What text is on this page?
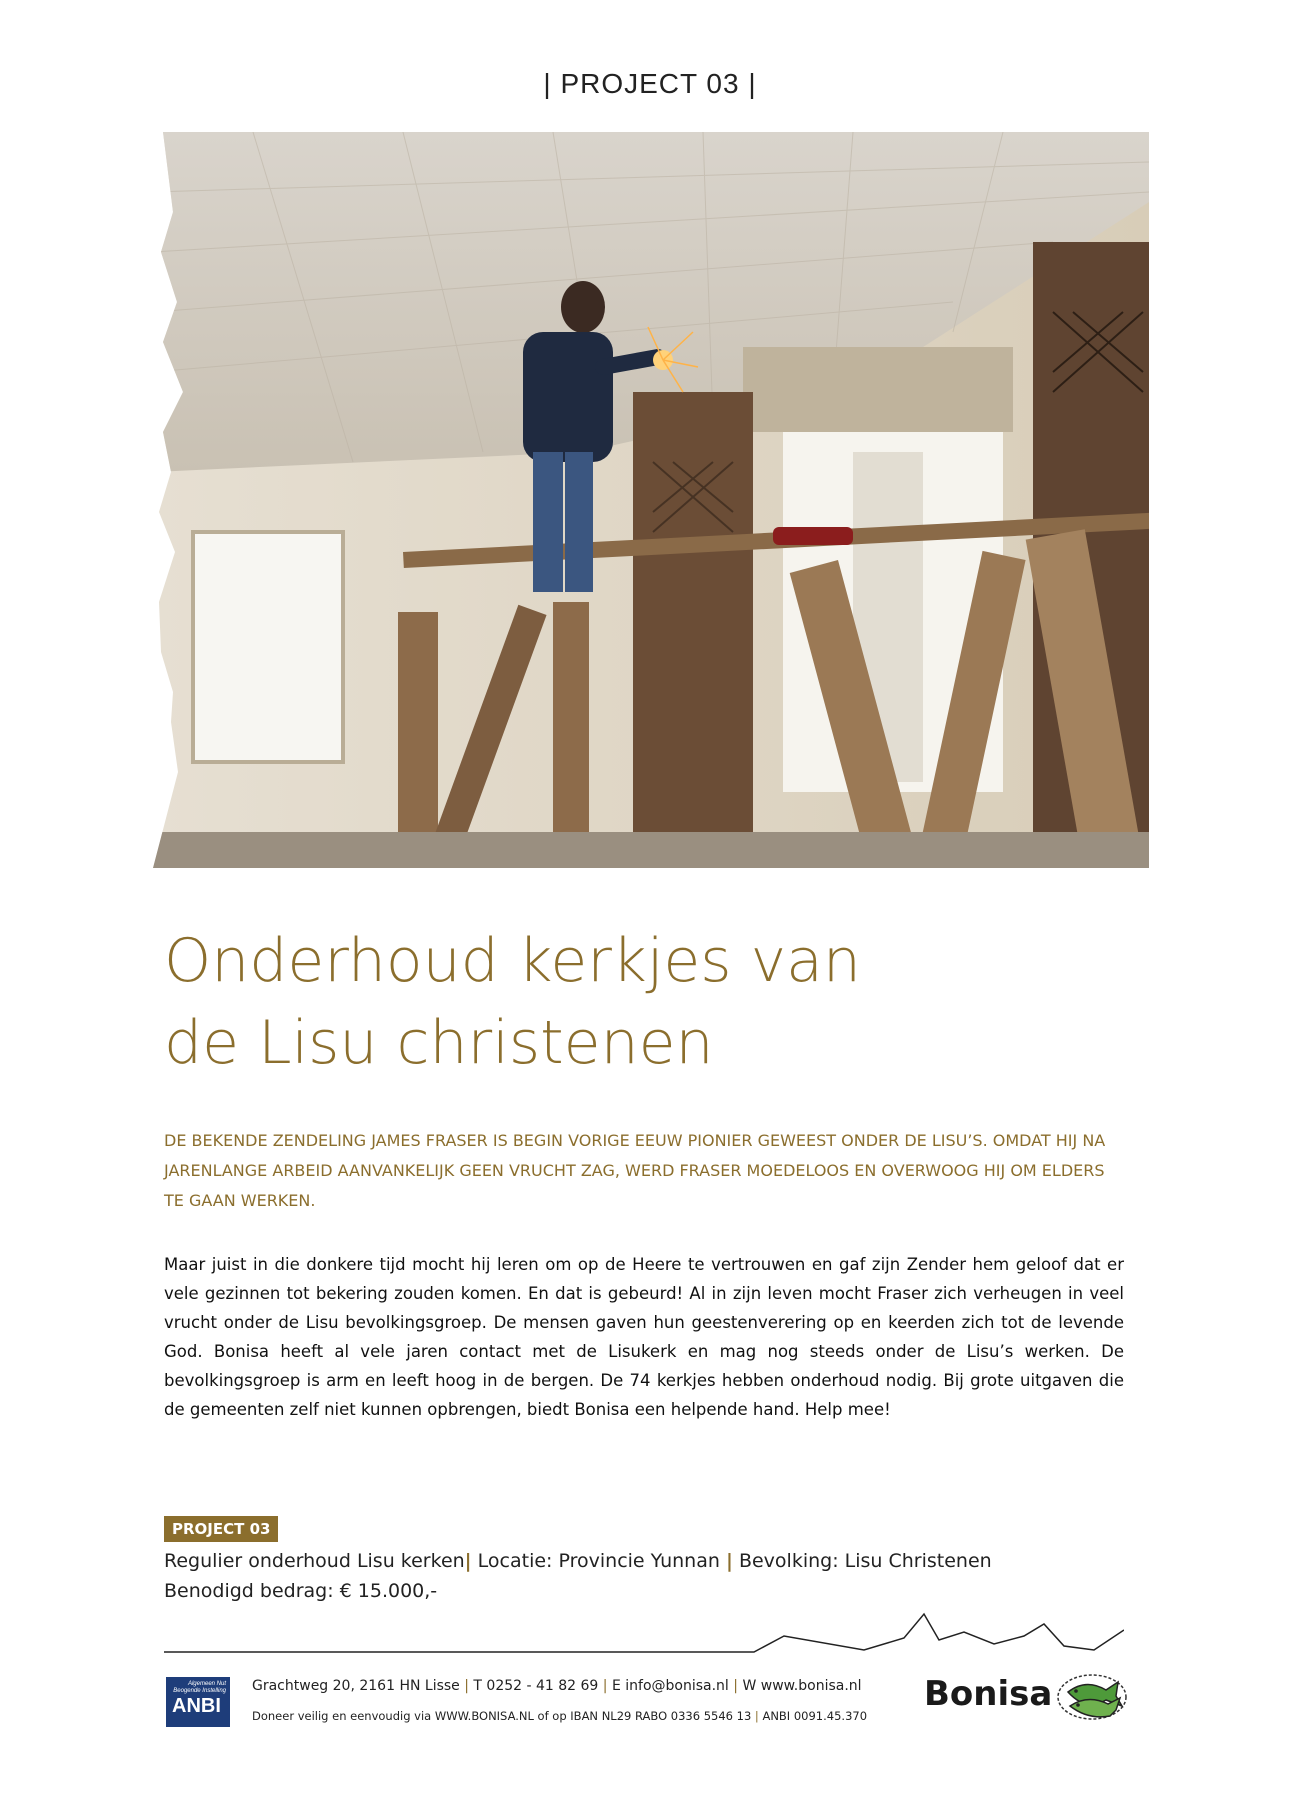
| PROJECT 03 |
Onderhoud kerkjes van
de Lisu christenen
DE BEKENDE ZENDELING JAMES FRASER IS BEGIN VORIGE EEUW PIONIER GEWEEST ONDER DE LISU’S. OMDAT HIJ NA JARENLANGE ARBEID AANVANKELIJK GEEN VRUCHT ZAG, WERD FRASER MOEDELOOS EN OVERWOOG HIJ OM ELDERS TE GAAN WERKEN.
Maar juist in die donkere tijd mocht hij leren om op de Heere te vertrouwen en gaf zijn Zender hem geloof dat er vele gezinnen tot bekering zouden komen. En dat is gebeurd! Al in zijn leven mocht Fraser zich verheugen in veel vrucht onder de Lisu bevolkingsgroep. De mensen gaven hun geestenverering op en keerden zich tot de levende God. Bonisa heeft al vele jaren contact met de Lisukerk en mag nog steeds onder de Lisu’s werken. De bevolkingsgroep is arm en leeft hoog in de bergen. De 74 kerkjes hebben onderhoud nodig. Bij grote uitgaven die de gemeenten zelf niet kunnen opbrengen, biedt Bonisa een helpende hand. Help mee!
PROJECT 03
Regulier onderhoud Lisu kerken| Locatie: Provincie Yunnan | Bevolking: Lisu Christenen
Benodigd bedrag: € 15.000,-
Algemeen Nut
Beogende Instelling
ANBI
Grachtweg 20, 2161 HN Lisse | T 0252 - 41 82 69 | E info@bonisa.nl | W www.bonisa.nl
Doneer veilig en eenvoudig via WWW.BONISA.NL of op IBAN NL29 RABO 0336 5546 13 | ANBI 0091.45.370
Bonisa
